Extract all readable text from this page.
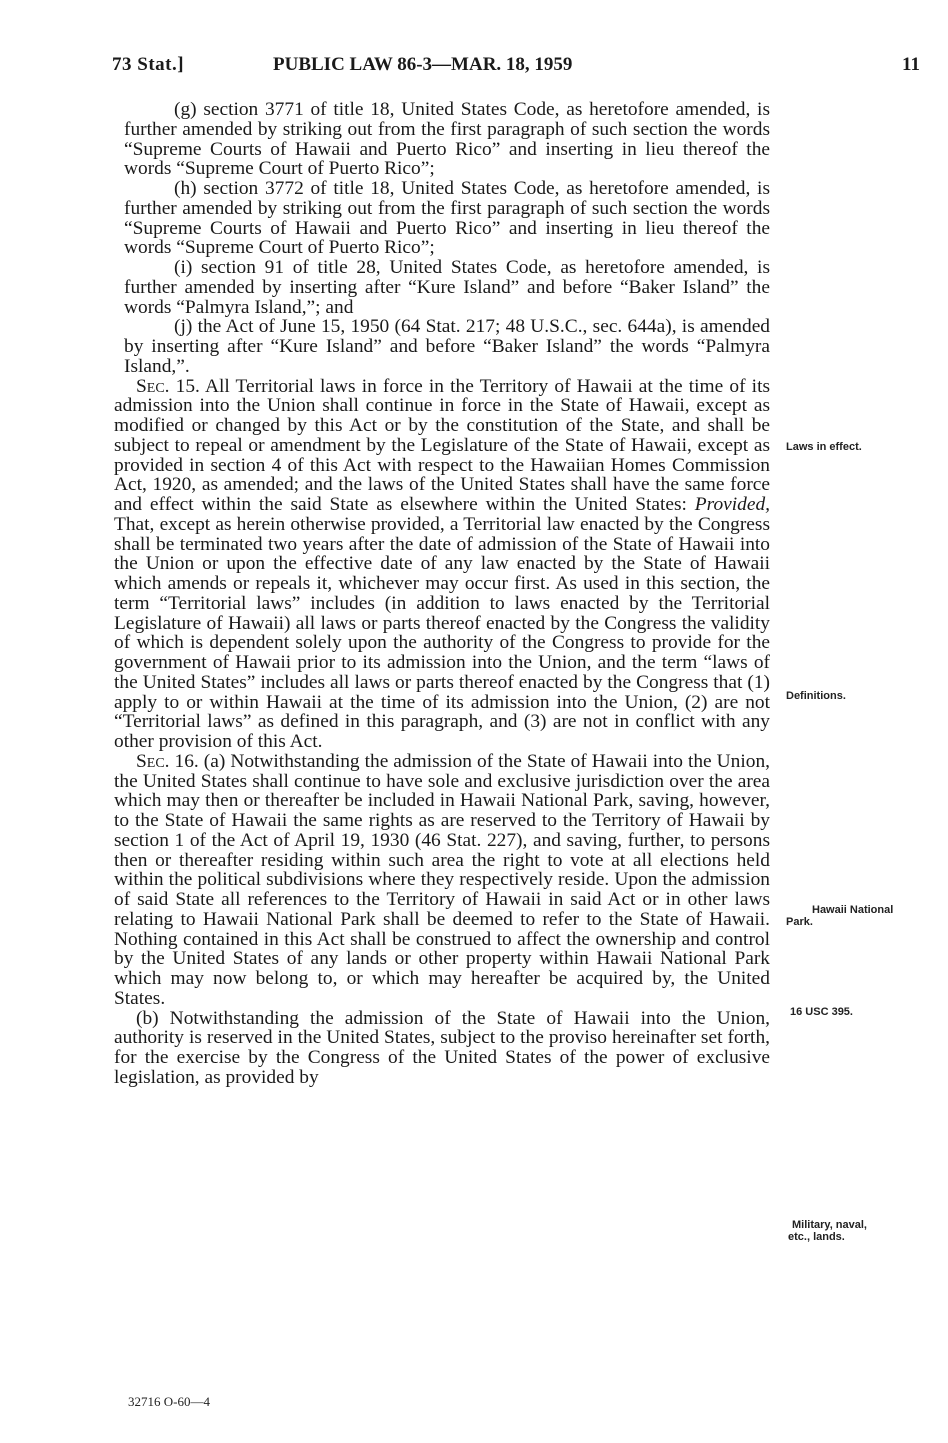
73 Stat.]	PUBLIC LAW 86-3—MAR. 18, 1959	11

(g) section 3771 of title 18, United States Code, as heretofore amended, is further amended by striking out from the first paragraph of such section the words “Supreme Courts of Hawaii and Puerto Rico” and inserting in lieu thereof the words “Supreme Court of Puerto Rico”;

(h) section 3772 of title 18, United States Code, as heretofore amended, is further amended by striking out from the first paragraph of such section the words “Supreme Courts of Hawaii and Puerto Rico” and inserting in lieu thereof the words “Supreme Court of Puerto Rico”;

(i) section 91 of title 28, United States Code, as heretofore amended, is further amended by inserting after “Kure Island” and before “Baker Island” the words “Palmyra Island,”; and

(j) the Act of June 15, 1950 (64 Stat. 217; 48 U.S.C., sec. 644a), is amended by inserting after “Kure Island” and before “Baker Island” the words “Palmyra Island,”.

Sec. 15. All Territorial laws in force in the Territory of Hawaii at the time of its admission into the Union shall continue in force in the State of Hawaii, except as modified or changed by this Act or by the constitution of the State, and shall be subject to repeal or amendment by the Legislature of the State of Hawaii, except as provided in section 4 of this Act with respect to the Hawaiian Homes Commission Act, 1920, as amended; and the laws of the United States shall have the same force and effect within the said State as elsewhere within the United States: Provided, That, except as herein otherwise provided, a Territorial law enacted by the Congress shall be terminated two years after the date of admission of the State of Hawaii into the Union or upon the effective date of any law enacted by the State of Hawaii which amends or repeals it, whichever may occur first. As used in this section, the term “Territorial laws” includes (in addition to laws enacted by the Territorial Legislature of Hawaii) all laws or parts thereof enacted by the Congress the validity of which is dependent solely upon the authority of the Congress to provide for the government of Hawaii prior to its admission into the Union, and the term “laws of the United States” includes all laws or parts thereof enacted by the Congress that (1) apply to or within Hawaii at the time of its admission into the Union, (2) are not “Territorial laws” as defined in this paragraph, and (3) are not in conflict with any other provision of this Act.

Sec. 16. (a) Notwithstanding the admission of the State of Hawaii into the Union, the United States shall continue to have sole and exclusive jurisdiction over the area which may then or thereafter be included in Hawaii National Park, saving, however, to the State of Hawaii the same rights as are reserved to the Territory of Hawaii by section 1 of the Act of April 19, 1930 (46 Stat. 227), and saving, further, to persons then or thereafter residing within such area the right to vote at all elections held within the political subdivisions where they respectively reside. Upon the admission of said State all references to the Territory of Hawaii in said Act or in other laws relating to Hawaii National Park shall be deemed to refer to the State of Hawaii. Nothing contained in this Act shall be construed to affect the ownership and control by the United States of any lands or other property within Hawaii National Park which may now belong to, or which may hereafter be acquired by, the United States.

(b) Notwithstanding the admission of the State of Hawaii into the Union, authority is reserved in the United States, subject to the proviso hereinafter set forth, for the exercise by the Congress of the United States of the power of exclusive legislation, as provided by

Laws in effect.
Definitions.
Hawaii National
Park.
16 USC 395.
Military, naval,
etc., lands.
32716 O-60—4
